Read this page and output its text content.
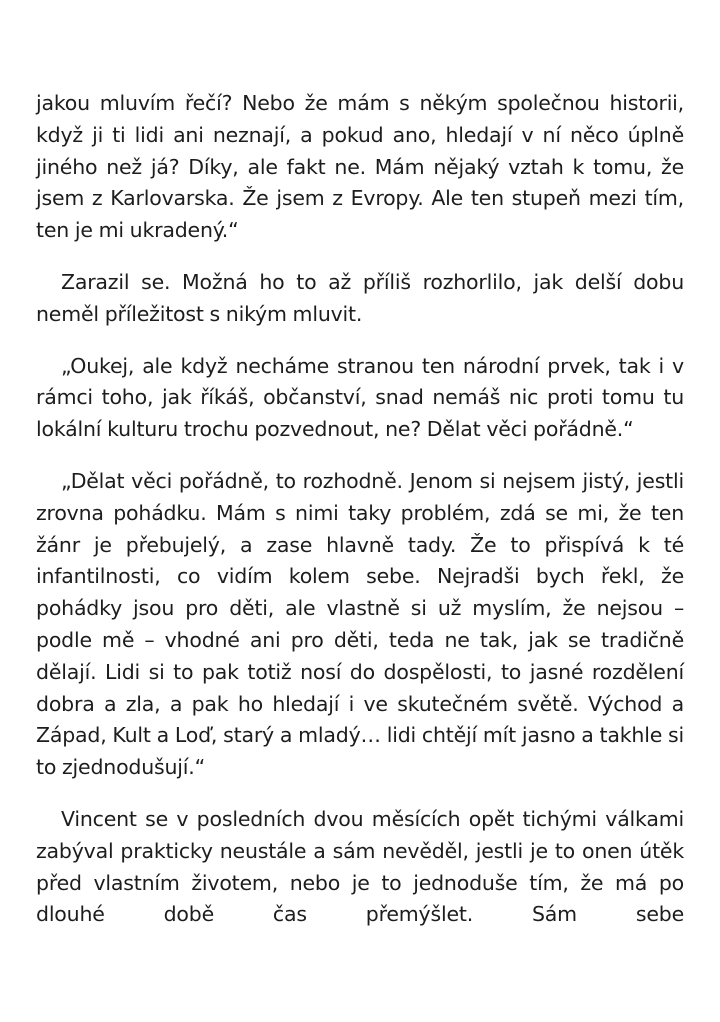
jakou mluvím řečí? Nebo že mám s někým společnou historii, když ji ti lidi ani neznají, a pokud ano, hledají v ní něco úplně jiného než já? Díky, ale fakt ne. Mám nějaký vztah k tomu, že jsem z Karlovarska. Že jsem z Evropy. Ale ten stupeň mezi tím, ten je mi ukradený.“

Zarazil se. Možná ho to až příliš rozhorlilo, jak delší dobu neměl příležitost s nikým mluvit.

„Oukej, ale když necháme stranou ten národní prvek, tak i v rámci toho, jak říkáš, občanství, snad nemáš nic proti tomu tu lokální kulturu trochu pozvednout, ne? Dělat věci pořádně.“

„Dělat věci pořádně, to rozhodně. Jenom si nejsem jistý, jestli zrovna pohádku. Mám s nimi taky problém, zdá se mi, že ten žánr je přebujelý, a zase hlavně tady. Že to přispívá k té infantilnosti, co vidím kolem sebe. Nejradši bych řekl, že pohádky jsou pro děti, ale vlastně si už myslím, že nejsou – podle mě – vhodné ani pro děti, teda ne tak, jak se tradičně dělají. Lidi si to pak totiž nosí do dospělosti, to jasné rozdělení dobra a zla, a pak ho hledají i ve skutečném světě. Východ a Západ, Kult a Loď, starý a mladý… lidi chtějí mít jasno a takhle si to zjednodušují.“

Vincent se v posledních dvou měsících opět tichými válkami zabýval prakticky neustále a sám nevěděl, jestli je to onen útěk před vlastním životem, nebo je to jednoduše tím, že má po dlouhé době čas přemýšlet. Sám sebe
